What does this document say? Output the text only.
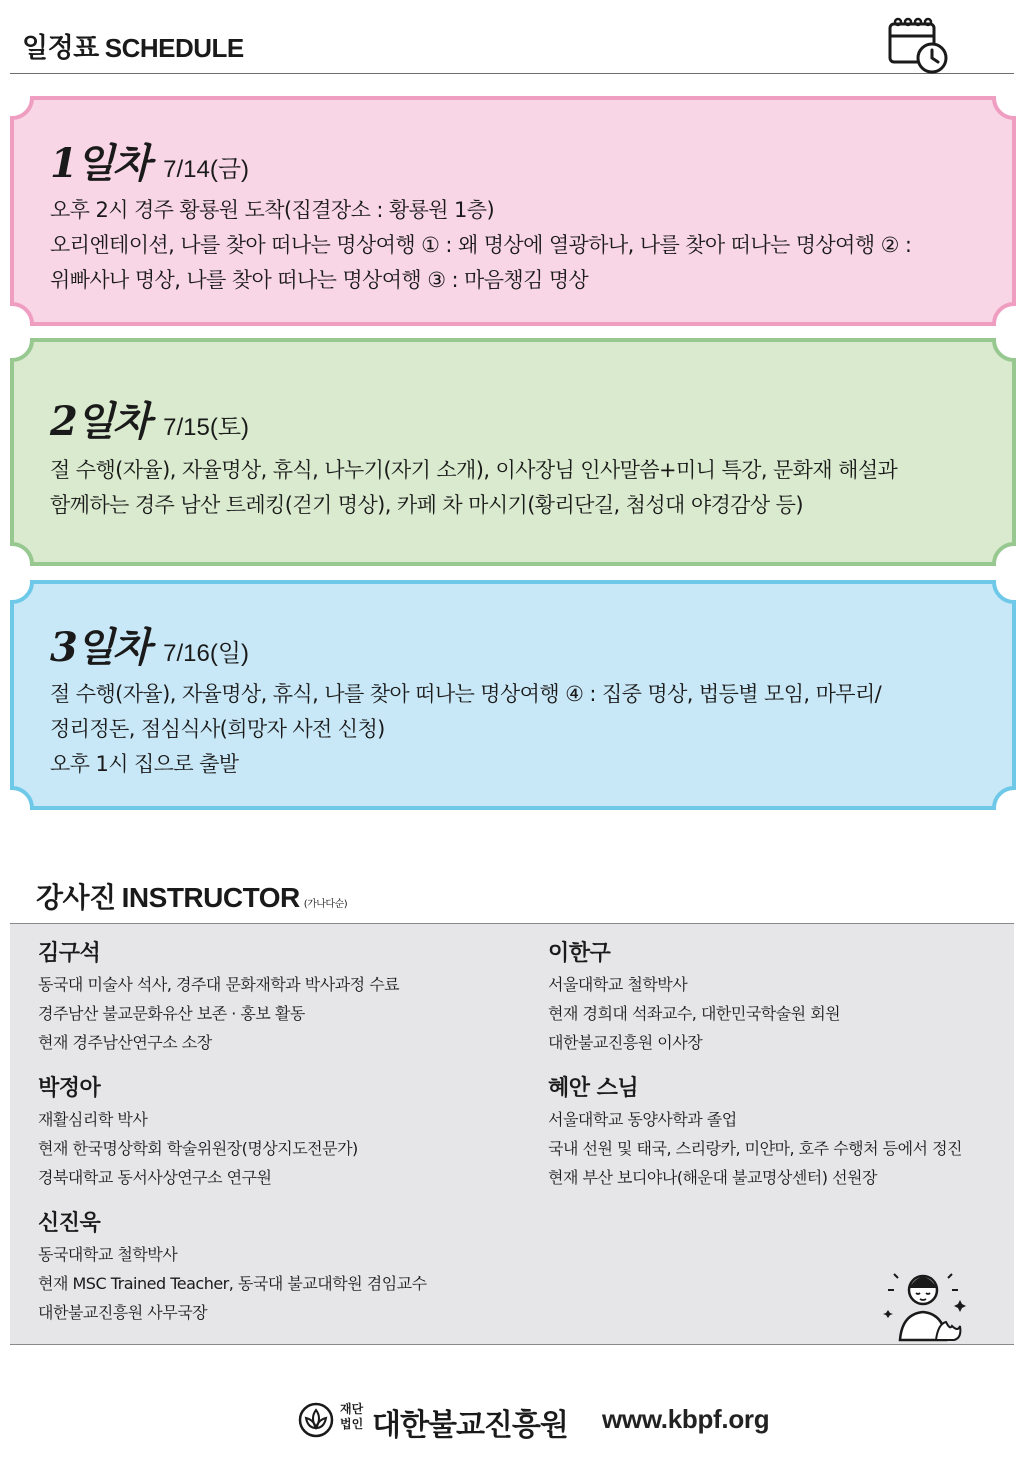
일정표 SCHEDULE
1일차 7/14(금)
오후 2시 경주 황룡원 도착(집결장소 : 황룡원 1층)
오리엔테이션, 나를 찾아 떠나는 명상여행 ① : 왜 명상에 열광하나, 나를 찾아 떠나는 명상여행 ② :
위빠사나 명상, 나를 찾아 떠나는 명상여행 ③ : 마음챙김 명상
2일차 7/15(토)
절 수행(자율), 자율명상, 휴식, 나누기(자기 소개), 이사장님 인사말씀+미니 특강, 문화재 해설과
함께하는 경주 남산 트레킹(걷기 명상), 카페 차 마시기(황리단길, 첨성대 야경감상 등)
3일차 7/16(일)
절 수행(자율), 자율명상, 휴식, 나를 찾아 떠나는 명상여행 ④ : 집중 명상, 법등별 모임, 마무리/
정리정돈, 점심식사(희망자 사전 신청)
오후 1시 집으로 출발
강사진 INSTRUCTOR (가나다순)
김구석
동국대 미술사 석사, 경주대 문화재학과 박사과정 수료
경주남산 불교문화유산 보존 · 홍보 활동
현재 경주남산연구소 소장
박정아
재활심리학 박사
현재 한국명상학회 학술위원장(명상지도전문가)
경북대학교 동서사상연구소 연구원
신진욱
동국대학교 철학박사
현재 MSC Trained Teacher, 동국대 불교대학원 겸임교수
대한불교진흥원 사무국장
이한구
서울대학교 철학박사
현재 경희대 석좌교수, 대한민국학술원 회원
대한불교진흥원 이사장
혜안 스님
서울대학교 동양사학과 졸업
국내 선원 및 태국, 스리랑카, 미얀마, 호주 수행처 등에서 정진
현재 부산 보디야나(해운대 불교명상센터) 선원장
재단
법인 대한불교진흥원 www.kbpf.org
